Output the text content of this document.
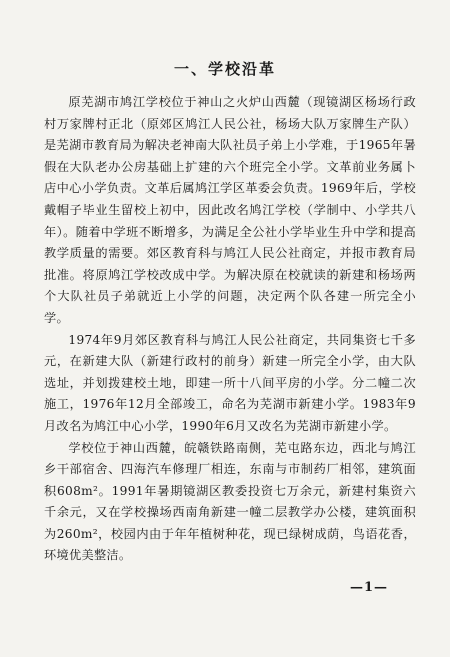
一、学校沿革

原芜湖市鸠江学校位于神山之火炉山西麓（现镜湖区杨场行政村万家牌村正北（原郊区鸠江人民公社，杨场大队万家牌生产队）是芜湖市教育局为解决老神南大队社员子弟上小学难，于1965年暑假在大队老办公房基础上扩建的六个班完全小学。文革前业务属卜店中心小学负责。文革后属鸠江学区革委会负责。1969年后，学校戴帽子毕业生留校上初中，因此改名鸠江学校（学制中、小学共八年）。随着中学班不断增多，为满足全公社小学毕业生升中学和提高教学质量的需要。郊区教育科与鸠江人民公社商定，并报市教育局批准。将原鸠江学校改成中学。为解决原在校就读的新建和杨场两个大队社员子弟就近上小学的问题，决定两个队各建一所完全小学。

1974年9月郊区教育科与鸠江人民公社商定，共同集资七千多元，在新建大队（新建行政村的前身）新建一所完全小学，由大队选址，并划拨建校土地，即建一所十八间平房的小学。分二幢二次施工，1976年12月全部竣工，命名为芜湖市新建小学。1983年9月改名为鸠江中心小学，1990年6月又改名为芜湖市新建小学。

学校位于神山西麓，皖赣铁路南侧，芜屯路东边，西北与鸠江乡干部宿舍、四海汽车修理厂相连，东南与市制药厂相邻，建筑面积608m²。1991年暑期镜湖区教委投资七万余元，新建村集资六千余元，又在学校操场西南角新建一幢二层教学办公楼，建筑面积为260m²，校园内由于年年植树种花，现已绿树成荫，鸟语花香，环境优美整洁。

—1—
